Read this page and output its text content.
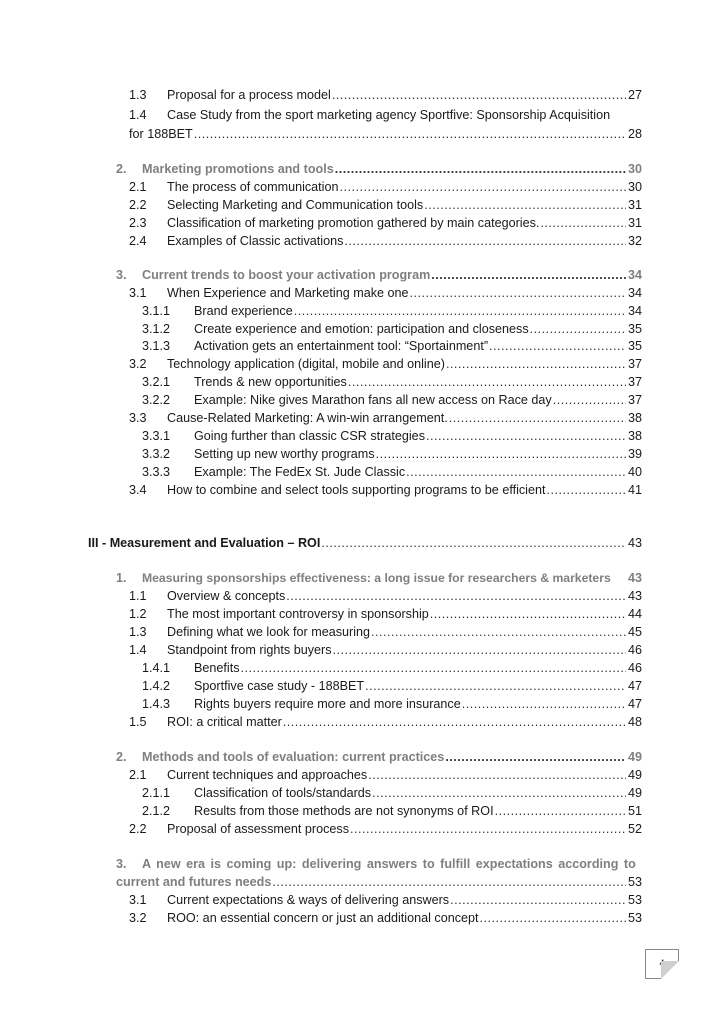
1.3	Proposal for a process model .....	27
1.4	Case Study from the sport marketing agency Sportfive: Sponsorship Acquisition
for 188BET .....	28
2.	Marketing promotions and tools .....	30
2.1	The process of communication .....	30
2.2	Selecting Marketing and Communication tools .....	31
2.3	Classification of marketing promotion gathered by main categories. .....	31
2.4	Examples of Classic activations .....	32
3.	Current trends to boost your activation program .....	34
3.1	When Experience and Marketing make one .....	34
3.1.1	Brand experience .....	34
3.1.2	Create experience and emotion: participation and closeness .....	35
3.1.3	Activation gets an entertainment tool: “Sportainment” .....	35
3.2	Technology application (digital, mobile and online) .....	37
3.2.1	Trends & new opportunities .....	37
3.2.2	Example: Nike gives Marathon fans all new access on Race day .....	37
3.3	Cause-Related Marketing: A win-win arrangement. .....	38
3.3.1	Going further than classic CSR strategies .....	38
3.3.2	Setting up new worthy programs .....	39
3.3.3	Example: The FedEx St. Jude Classic .....	40
3.4	How to combine and select tools supporting programs to be efficient .....	41
III - Measurement and Evaluation – ROI .....	43
1.	Measuring sponsorships effectiveness: a long issue for researchers & marketers 43
1.1	Overview & concepts .....	43
1.2	The most important controversy in sponsorship .....	44
1.3	Defining what we look for measuring .....	45
1.4	Standpoint from rights buyers .....	46
1.4.1	Benefits .....	46
1.4.2	Sportfive case study - 188BET .....	47
1.4.3	Rights buyers require more and more insurance .....	47
1.5	ROI: a critical matter .....	48
2.	Methods and tools of evaluation: current practices .....	49
2.1	Current techniques and approaches .....	49
2.1.1	Classification of tools/standards .....	49
2.1.2	Results from those methods are not synonyms of ROI .....	51
2.2	Proposal of assessment process .....	52
3.	A new era is coming up: delivering answers to fulfill expectations according to
current and futures needs .....	53
3.1	Current expectations & ways of delivering answers .....	53
3.2	ROO: an essential concern or just an additional concept .....	53
4
